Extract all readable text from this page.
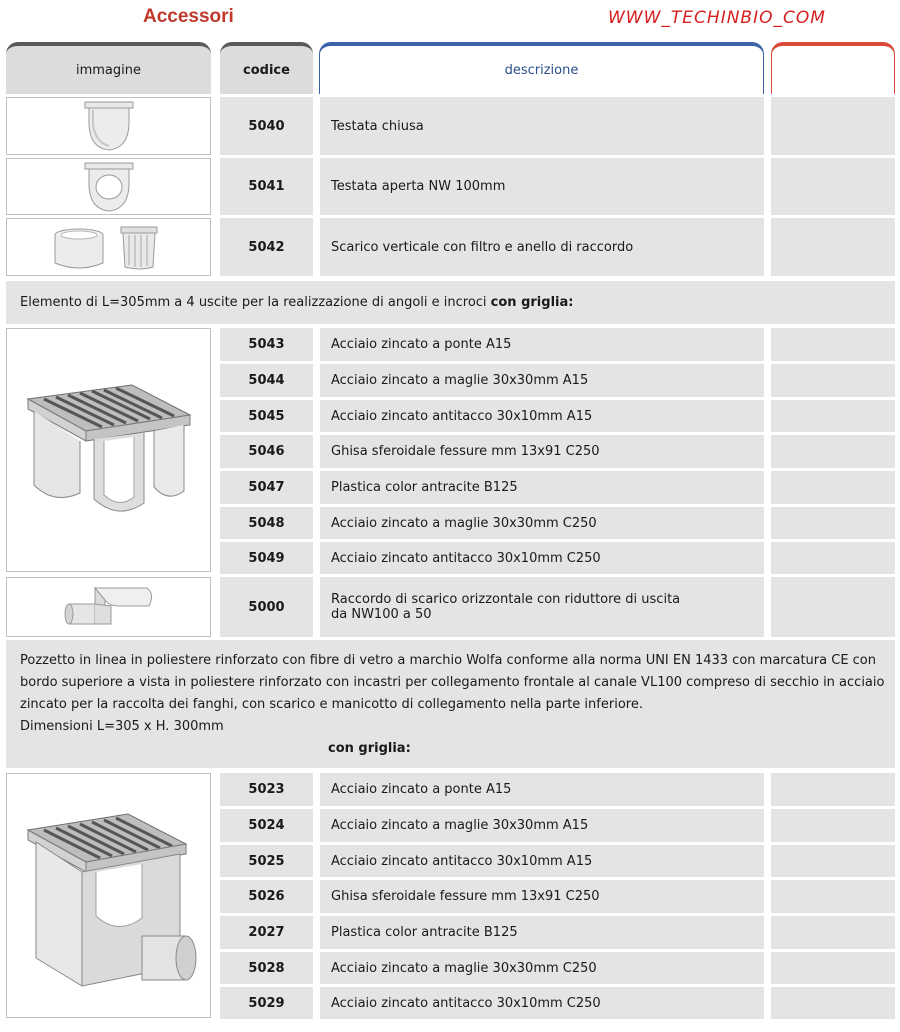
Accessori	WWW_TECHINBIO_COM
immagine	codice	descrizione
5040	Testata chiusa
5041	Testata aperta NW 100mm
5042	Scarico verticale con filtro e anello di raccordo
Elemento di L=305mm a 4 uscite per la realizzazione di angoli e incroci con griglia:
5043	Acciaio zincato a ponte A15
5044	Acciaio zincato a maglie 30x30mm A15
5045	Acciaio zincato antitacco 30x10mm A15
5046	Ghisa sferoidale fessure mm 13x91 C250
5047	Plastica color antracite B125
5048	Acciaio zincato a maglie 30x30mm C250
5049	Acciaio zincato antitacco 30x10mm C250
5000	Raccordo di scarico orizzontale con riduttore di uscita
da NW100 a 50
Pozzetto in linea in poliestere rinforzato con fibre di vetro a marchio Wolfa conforme alla norma UNI EN 1433 con marcatura CE con
bordo superiore a vista in poliestere rinforzato con incastri per collegamento frontale al canale VL100 compreso di secchio in acciaio
zincato per la raccolta dei fanghi, con scarico e manicotto di collegamento nella parte inferiore.
Dimensioni L=305 x H. 300mm
con griglia:
5023	Acciaio zincato a ponte A15
5024	Acciaio zincato a maglie 30x30mm A15
5025	Acciaio zincato antitacco 30x10mm A15
5026	Ghisa sferoidale fessure mm 13x91 C250
2027	Plastica color antracite B125
5028	Acciaio zincato a maglie 30x30mm C250
5029	Acciaio zincato antitacco 30x10mm C250
